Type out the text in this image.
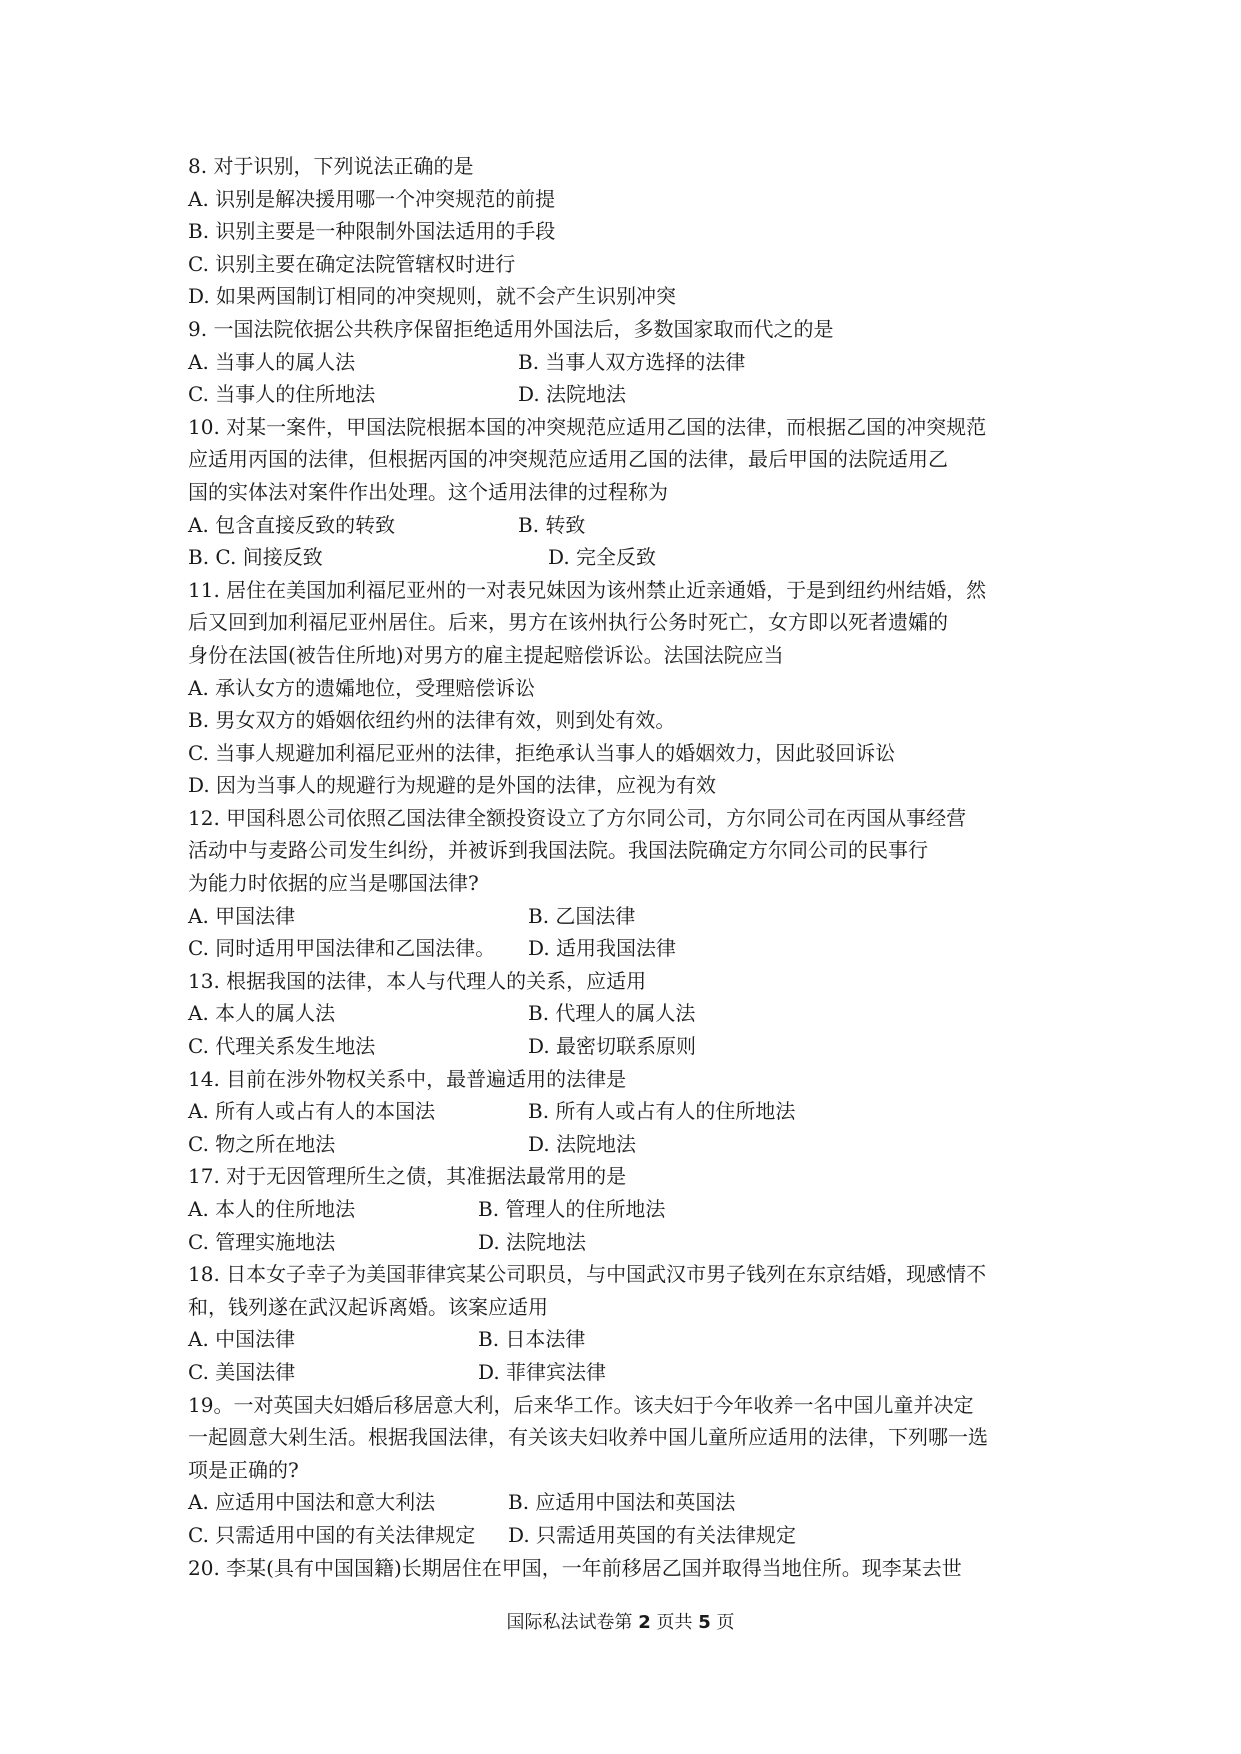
8. 对于识别，下列说法正确的是
A. 识别是解决援用哪一个冲突规范的前提
B. 识别主要是一种限制外国法适用的手段
C. 识别主要在确定法院管辖权时进行
D. 如果两国制订相同的冲突规则，就不会产生识别冲突
9. 一国法院依据公共秩序保留拒绝适用外国法后，多数国家取而代之的是
A. 当事人的属人法	B. 当事人双方选择的法律
C. 当事人的住所地法	D. 法院地法
10. 对某一案件，甲国法院根据本国的冲突规范应适用乙国的法律，而根据乙国的冲突规范
应适用丙国的法律，但根据丙国的冲突规范应适用乙国的法律，最后甲国的法院适用乙
国的实体法对案件作出处理。这个适用法律的过程称为
A. 包含直接反致的转致	B. 转致
B. C. 间接反致	D. 完全反致
11. 居住在美国加利福尼亚州的一对表兄妹因为该州禁止近亲通婚，于是到纽约州结婚，然
后又回到加利福尼亚州居住。后来，男方在该州执行公务时死亡，女方即以死者遗孀的
身份在法国(被告住所地)对男方的雇主提起赔偿诉讼。法国法院应当
A. 承认女方的遗孀地位，受理赔偿诉讼
B. 男女双方的婚姻依纽约州的法律有效，则到处有效。
C. 当事人规避加利福尼亚州的法律，拒绝承认当事人的婚姻效力，因此驳回诉讼
D. 因为当事人的规避行为规避的是外国的法律，应视为有效
12. 甲国科恩公司依照乙国法律全额投资设立了方尔同公司，方尔同公司在丙国从事经营
活动中与麦路公司发生纠纷，并被诉到我国法院。我国法院确定方尔同公司的民事行
为能力时依据的应当是哪国法律?
A. 甲国法律	B. 乙国法律
C. 同时适用甲国法律和乙国法律。	D. 适用我国法律
13. 根据我国的法律，本人与代理人的关系，应适用
A. 本人的属人法	B. 代理人的属人法
C. 代理关系发生地法	D. 最密切联系原则
14. 目前在涉外物权关系中，最普遍适用的法律是
A. 所有人或占有人的本国法	B. 所有人或占有人的住所地法
C. 物之所在地法	D. 法院地法
17. 对于无因管理所生之债，其准据法最常用的是
A. 本人的住所地法	B. 管理人的住所地法
C. 管理实施地法	D. 法院地法
18. 日本女子幸子为美国菲律宾某公司职员，与中国武汉市男子钱列在东京结婚，现感情不
和，钱列遂在武汉起诉离婚。该案应适用
A. 中国法律	B. 日本法律
C. 美国法律	D. 菲律宾法律
19。一对英国夫妇婚后移居意大利，后来华工作。该夫妇于今年收养一名中国儿童并决定
一起圆意大剁生活。根据我国法律，有关该夫妇收养中国儿童所应适用的法律，下列哪一选
项是正确的?
A. 应适用中国法和意大利法	B. 应适用中国法和英国法
C. 只需适用中国的有关法律规定	D. 只需适用英国的有关法律规定
20. 李某(具有中国国籍)长期居住在甲国，一年前移居乙国并取得当地住所。现李某去世
国际私法试卷第 2 页共 5 页
